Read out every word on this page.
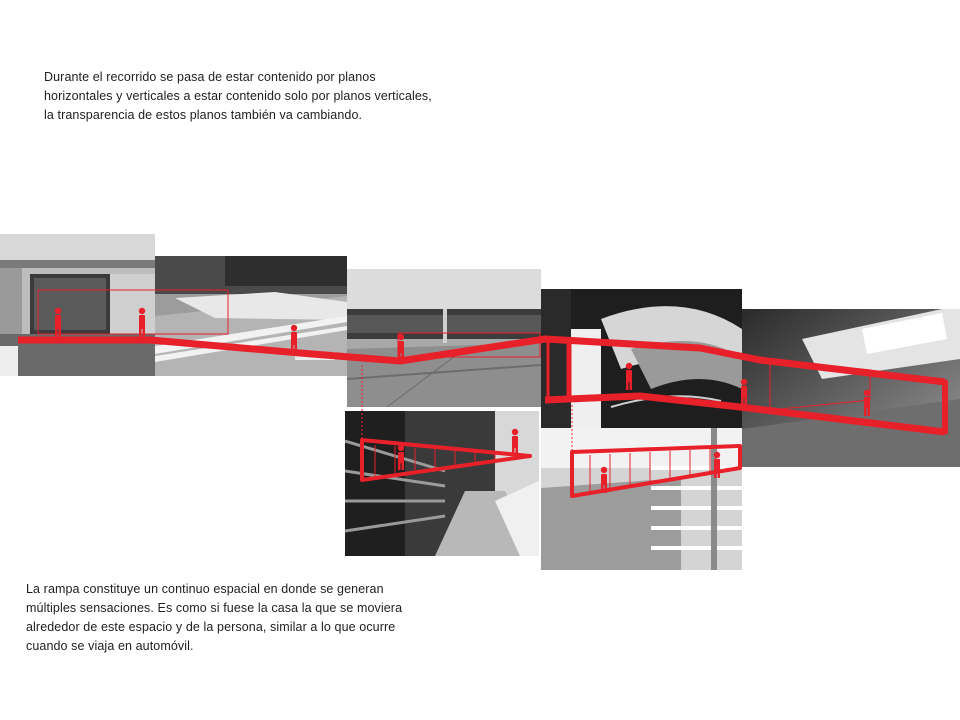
Durante el recorrido se pasa de estar contenido por planos
horizontales y verticales a estar contenido solo por planos verticales,
la transparencia de estos planos también va cambiando.
La rampa constituye un continuo espacial en donde se generan
múltiples sensaciones. Es como si fuese la casa la que se moviera
alrededor de este espacio y de la persona, similar a lo que ocurre
cuando se viaja en automóvil.
